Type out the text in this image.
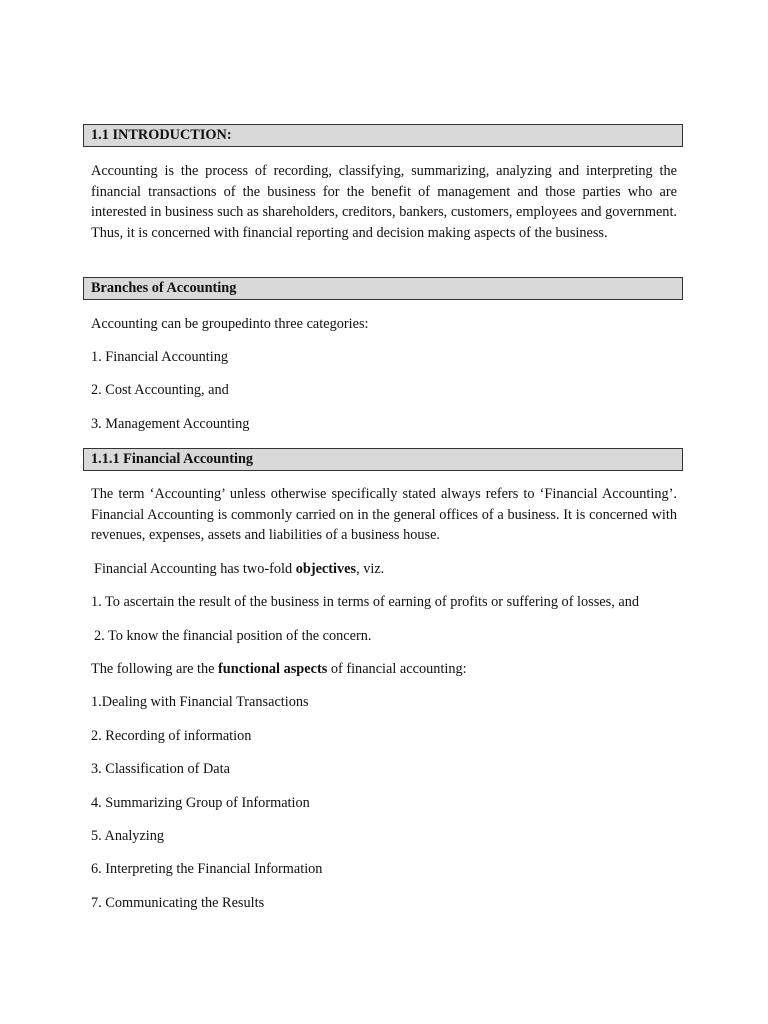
1.1 INTRODUCTION:

Accounting is the process of recording, classifying, summarizing, analyzing and interpreting the financial transactions of the business for the benefit of management and those parties who are interested in business such as shareholders, creditors, bankers, customers, employees and government. Thus, it is concerned with financial reporting and decision making aspects of the business.

Branches of Accounting

Accounting can be groupedinto three categories:

1. Financial Accounting

2. Cost Accounting, and

3. Management Accounting

1.1.1 Financial Accounting

The term ‘Accounting’ unless otherwise specifically stated always refers to ‘Financial Accounting’. Financial Accounting is commonly carried on in the general offices of a business. It is concerned with revenues, expenses, assets and liabilities of a business house.

Financial Accounting has two-fold objectives, viz.

1. To ascertain the result of the business in terms of earning of profits or suffering of losses, and

2. To know the financial position of the concern.

The following are the functional aspects of financial accounting:

1.Dealing with Financial Transactions

2. Recording of information

3. Classification of Data

4. Summarizing Group of Information

5. Analyzing

6. Interpreting the Financial Information

7. Communicating the Results
